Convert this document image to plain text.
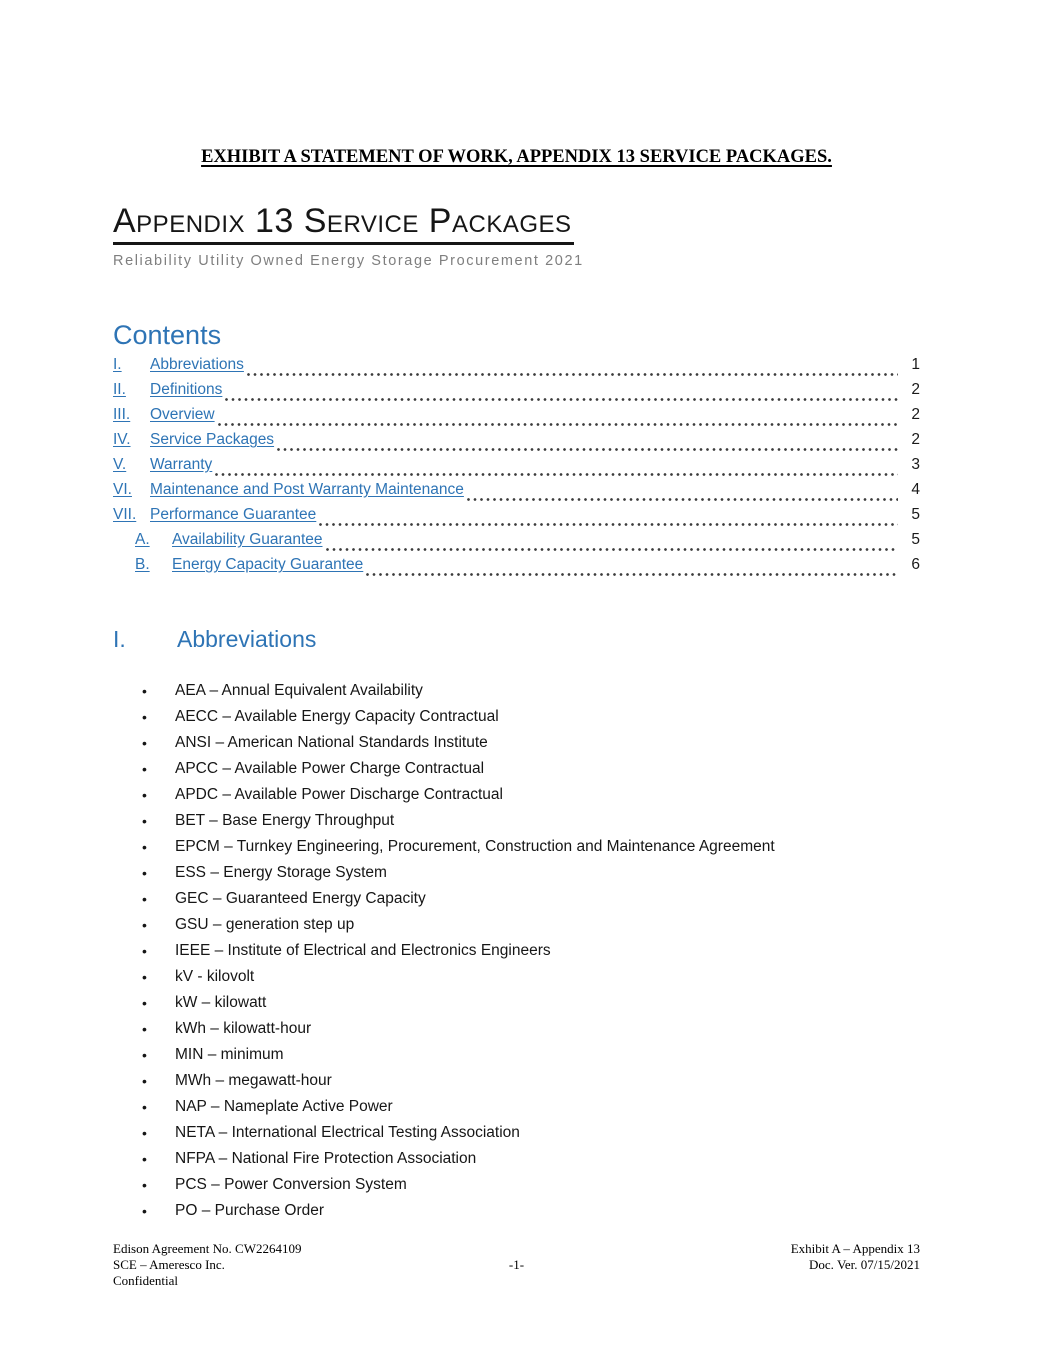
EXHIBIT A STATEMENT OF WORK, APPENDIX 13 SERVICE PACKAGES.
Appendix 13 Service Packages
Reliability Utility Owned Energy Storage Procurement 2021
Contents
I.	Abbreviations	1
II.	Definitions	2
III.	Overview	2
IV.	Service Packages	2
V.	Warranty	3
VI.	Maintenance and Post Warranty Maintenance	4
VII. Performance Guarantee	5
A.	Availability Guarantee	5
B.	Energy Capacity Guarantee	6
I.	Abbreviations
• AEA – Annual Equivalent Availability
• AECC – Available Energy Capacity Contractual
• ANSI – American National Standards Institute
• APCC – Available Power Charge Contractual
• APDC – Available Power Discharge Contractual
• BET – Base Energy Throughput
• EPCM – Turnkey Engineering, Procurement, Construction and Maintenance Agreement
• ESS – Energy Storage System
• GEC – Guaranteed Energy Capacity
• GSU – generation step up
• IEEE – Institute of Electrical and Electronics Engineers
• kV - kilovolt
• kW – kilowatt
• kWh – kilowatt-hour
• MIN – minimum
• MWh – megawatt-hour
• NAP – Nameplate Active Power
• NETA – International Electrical Testing Association
• NFPA – National Fire Protection Association
• PCS – Power Conversion System
• PO – Purchase Order
Edison Agreement No. CW2264109
SCE – Ameresco Inc.
Confidential
-1-
Exhibit A – Appendix 13
Doc. Ver. 07/15/2021
